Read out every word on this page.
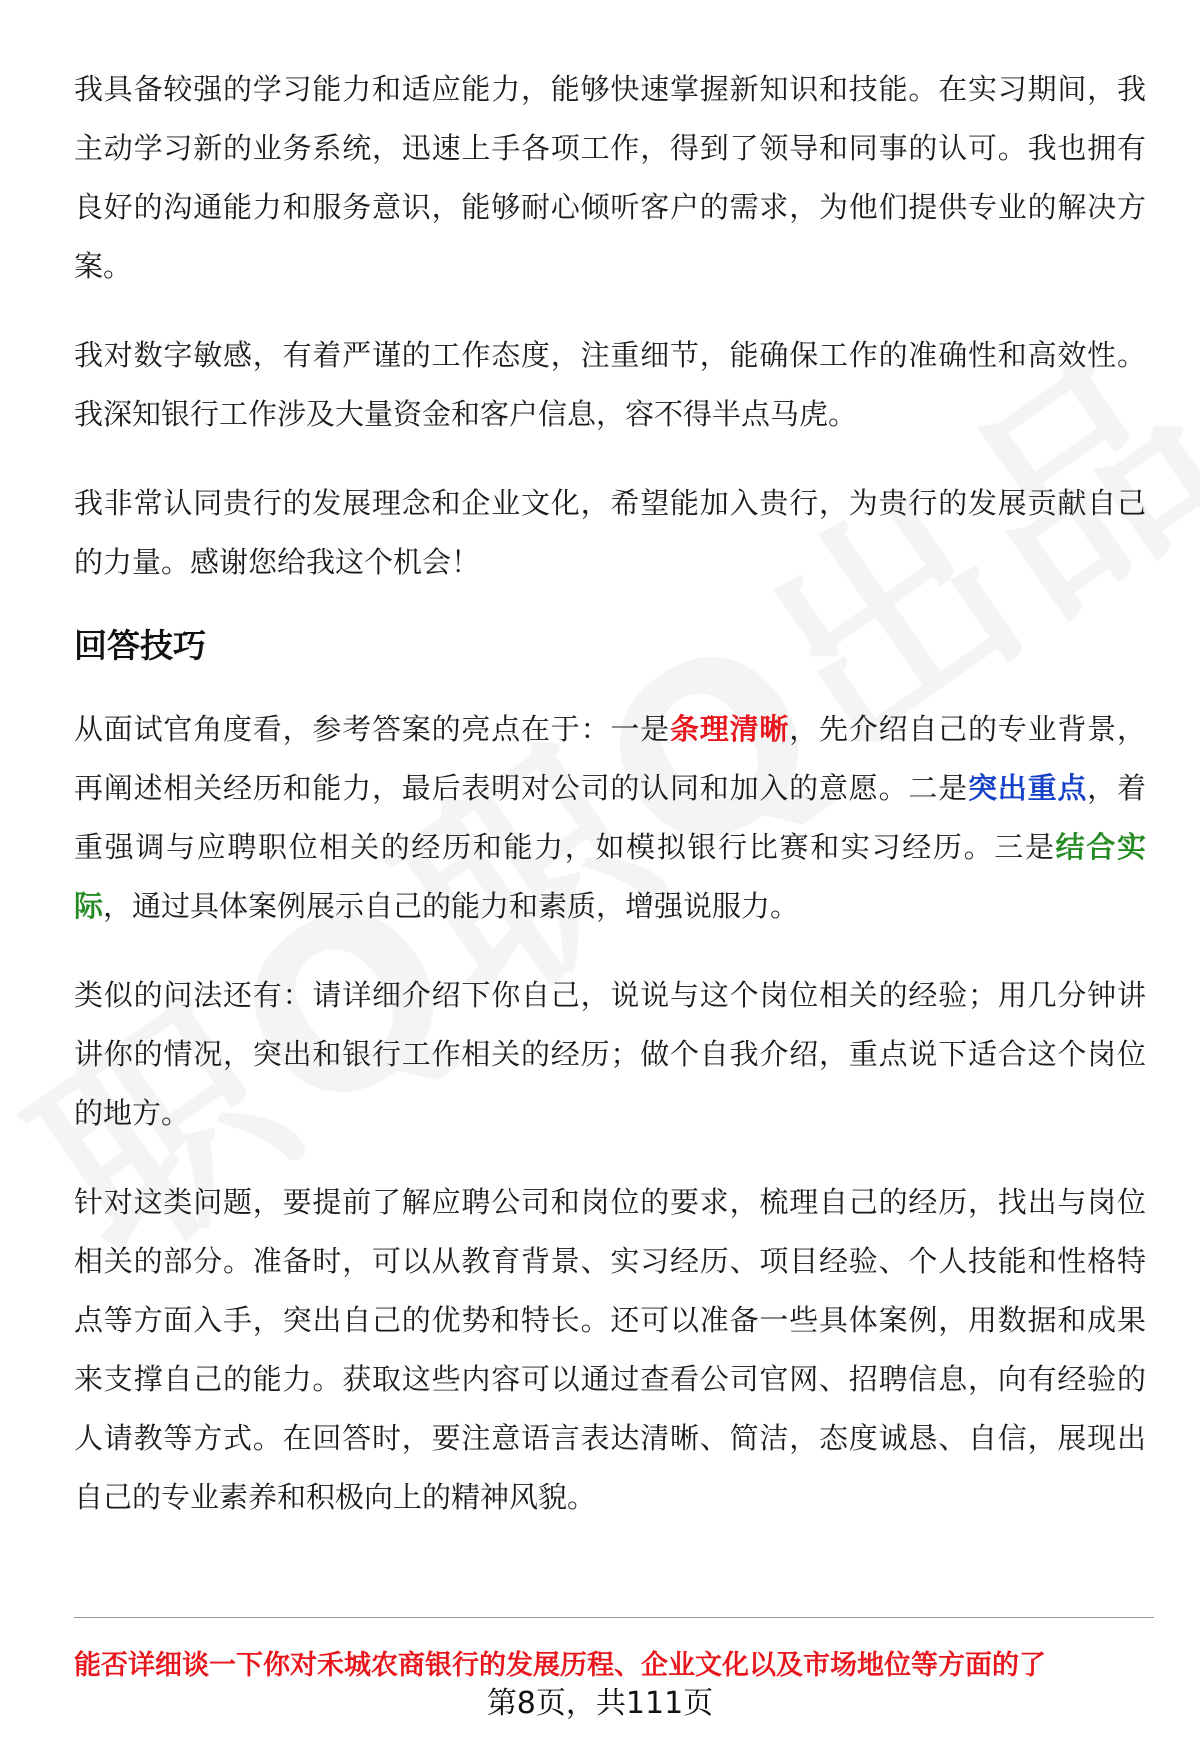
我具备较强的学习能力和适应能力，能够快速掌握新知识和技能。在实习期间，我主动学习新的业务系统，迅速上手各项工作，得到了领导和同事的认可。我也拥有良好的沟通能力和服务意识，能够耐心倾听客户的需求，为他们提供专业的解决方案。

我对数字敏感，有着严谨的工作态度，注重细节，能确保工作的准确性和高效性。我深知银行工作涉及大量资金和客户信息，容不得半点马虎。

我非常认同贵行的发展理念和企业文化，希望能加入贵行，为贵行的发展贡献自己的力量。感谢您给我这个机会！

回答技巧

从面试官角度看，参考答案的亮点在于：一是条理清晰，先介绍自己的专业背景，再阐述相关经历和能力，最后表明对公司的认同和加入的意愿。二是突出重点，着重强调与应聘职位相关的经历和能力，如模拟银行比赛和实习经历。三是结合实际，通过具体案例展示自己的能力和素质，增强说服力。

类似的问法还有：请详细介绍下你自己，说说与这个岗位相关的经验；用几分钟讲讲你的情况，突出和银行工作相关的经历；做个自我介绍，重点说下适合这个岗位的地方。

针对这类问题，要提前了解应聘公司和岗位的要求，梳理自己的经历，找出与岗位相关的部分。准备时，可以从教育背景、实习经历、项目经验、个人技能和性格特点等方面入手，突出自己的优势和特长。还可以准备一些具体案例，用数据和成果来支撑自己的能力。获取这些内容可以通过查看公司官网、招聘信息，向有经验的人请教等方式。在回答时，要注意语言表达清晰、简洁，态度诚恳、自信，展现出自己的专业素养和积极向上的精神风貌。

能否详细谈一下你对禾城农商银行的发展历程、企业文化以及市场地位等方面的了

第8页，共111页
